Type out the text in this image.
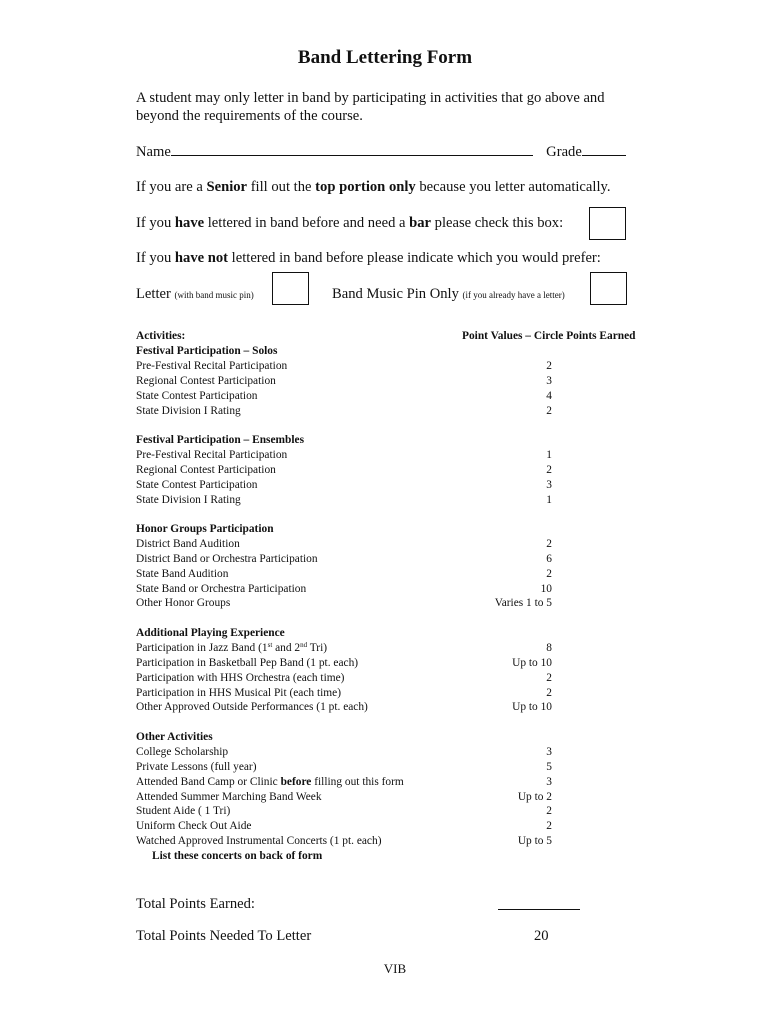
Band Lettering Form
A student may only letter in band by participating in activities that go above and
beyond the requirements of the course.
Name	Grade
If you are a Senior fill out the top portion only because you letter automatically.
If you have lettered in band before and need a bar please check this box:
If you have not lettered in band before please indicate which you would prefer:
Letter (with band music pin)	Band Music Pin Only (if you already have a letter)
Activities:	Point Values – Circle Points Earned
Festival Participation – Solos
Pre-Festival Recital Participation	2
Regional Contest Participation	3
State Contest Participation	4
State Division I Rating	2
Festival Participation – Ensembles
Pre-Festival Recital Participation	1
Regional Contest Participation	2
State Contest Participation	3
State Division I Rating	1
Honor Groups Participation
District Band Audition	2
District Band or Orchestra Participation	6
State Band Audition	2
State Band or Orchestra Participation	10
Other Honor Groups	Varies 1 to 5
Additional Playing Experience
Participation in Jazz Band (1st and 2nd Tri)	8
Participation in Basketball Pep Band (1 pt. each)	Up to 10
Participation with HHS Orchestra (each time)	2
Participation in HHS Musical Pit (each time)	2
Other Approved Outside Performances (1 pt. each)	Up to 10
Other Activities
College Scholarship	3
Private Lessons (full year)	5
Attended Band Camp or Clinic before filling out this form	3
Attended Summer Marching Band Week	Up to 2
Student Aide ( 1 Tri)	2
Uniform Check Out Aide	2
Watched Approved Instrumental Concerts (1 pt. each)	Up to 5
List these concerts on back of form
Total Points Earned:
Total Points Needed To Letter	20
VIB
